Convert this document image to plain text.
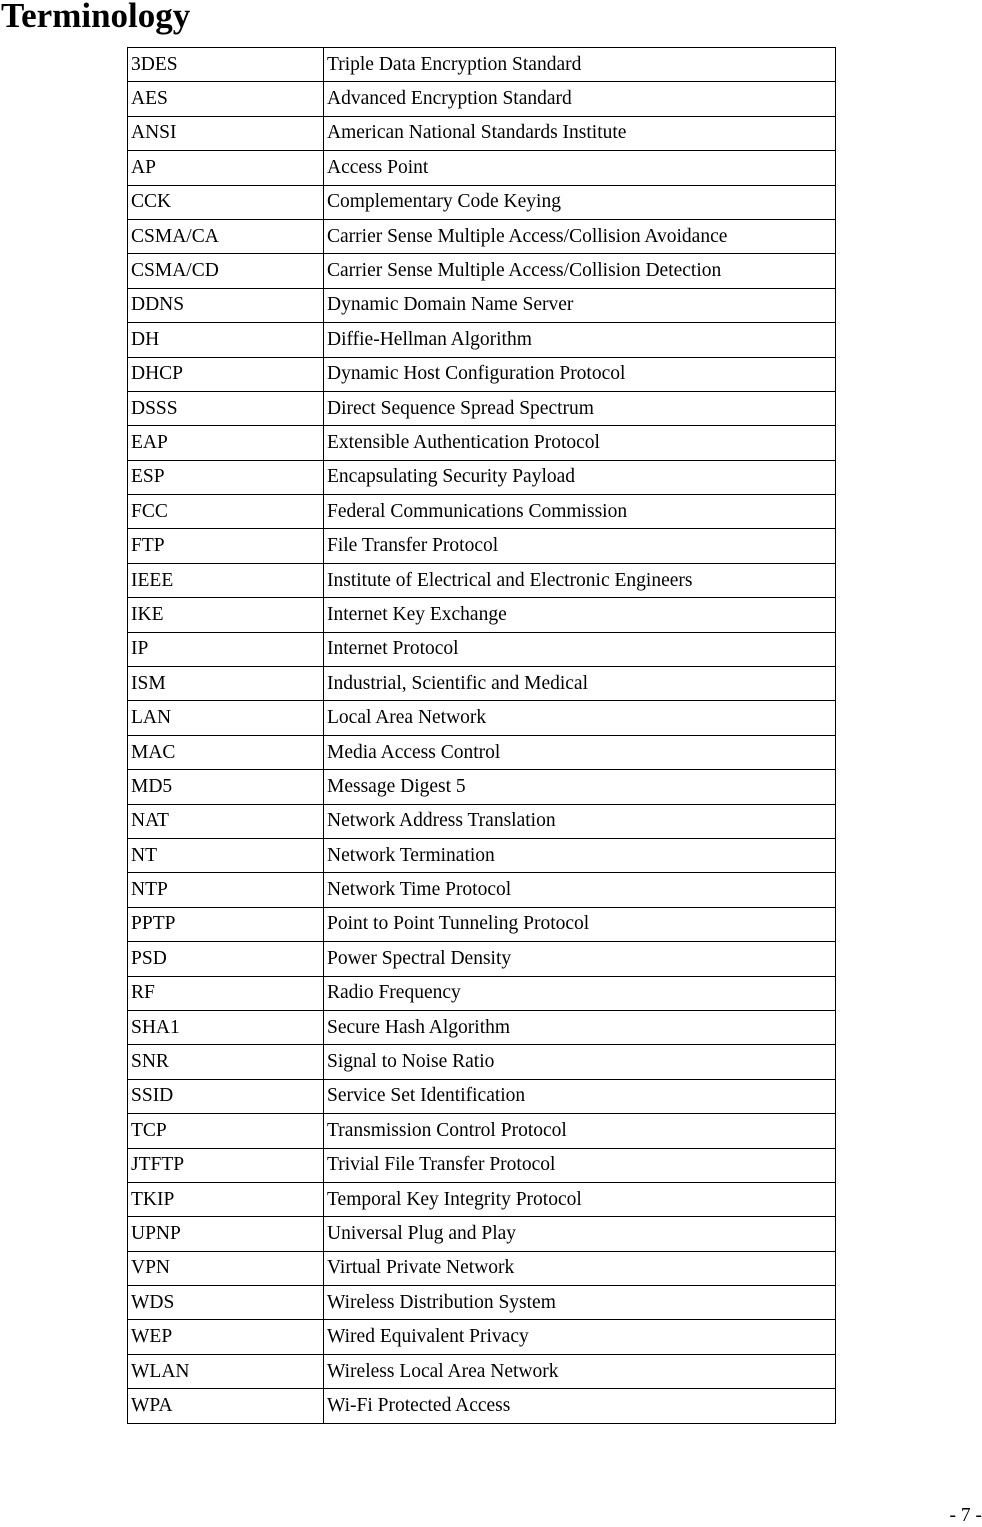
Terminology
3DES	Triple Data Encryption Standard
AES	Advanced Encryption Standard
ANSI	American National Standards Institute
AP	Access Point
CCK	Complementary Code Keying
CSMA/CA	Carrier Sense Multiple Access/Collision Avoidance
CSMA/CD	Carrier Sense Multiple Access/Collision Detection
DDNS	Dynamic Domain Name Server
DH	Diffie-Hellman Algorithm
DHCP	Dynamic Host Configuration Protocol
DSSS	Direct Sequence Spread Spectrum
EAP	Extensible Authentication Protocol
ESP	Encapsulating Security Payload
FCC	Federal Communications Commission
FTP	File Transfer Protocol
IEEE	Institute of Electrical and Electronic Engineers
IKE	Internet Key Exchange
IP	Internet Protocol
ISM	Industrial, Scientific and Medical
LAN	Local Area Network
MAC	Media Access Control
MD5	Message Digest 5
NAT	Network Address Translation
NT	Network Termination
NTP	Network Time Protocol
PPTP	Point to Point Tunneling Protocol
PSD	Power Spectral Density
RF	Radio Frequency
SHA1	Secure Hash Algorithm
SNR	Signal to Noise Ratio
SSID	Service Set Identification
TCP	Transmission Control Protocol
JTFTP	Trivial File Transfer Protocol
TKIP	Temporal Key Integrity Protocol
UPNP	Universal Plug and Play
VPN	Virtual Private Network
WDS	Wireless Distribution System
WEP	Wired Equivalent Privacy
WLAN	Wireless Local Area Network
WPA	Wi-Fi Protected Access
- 7 -
